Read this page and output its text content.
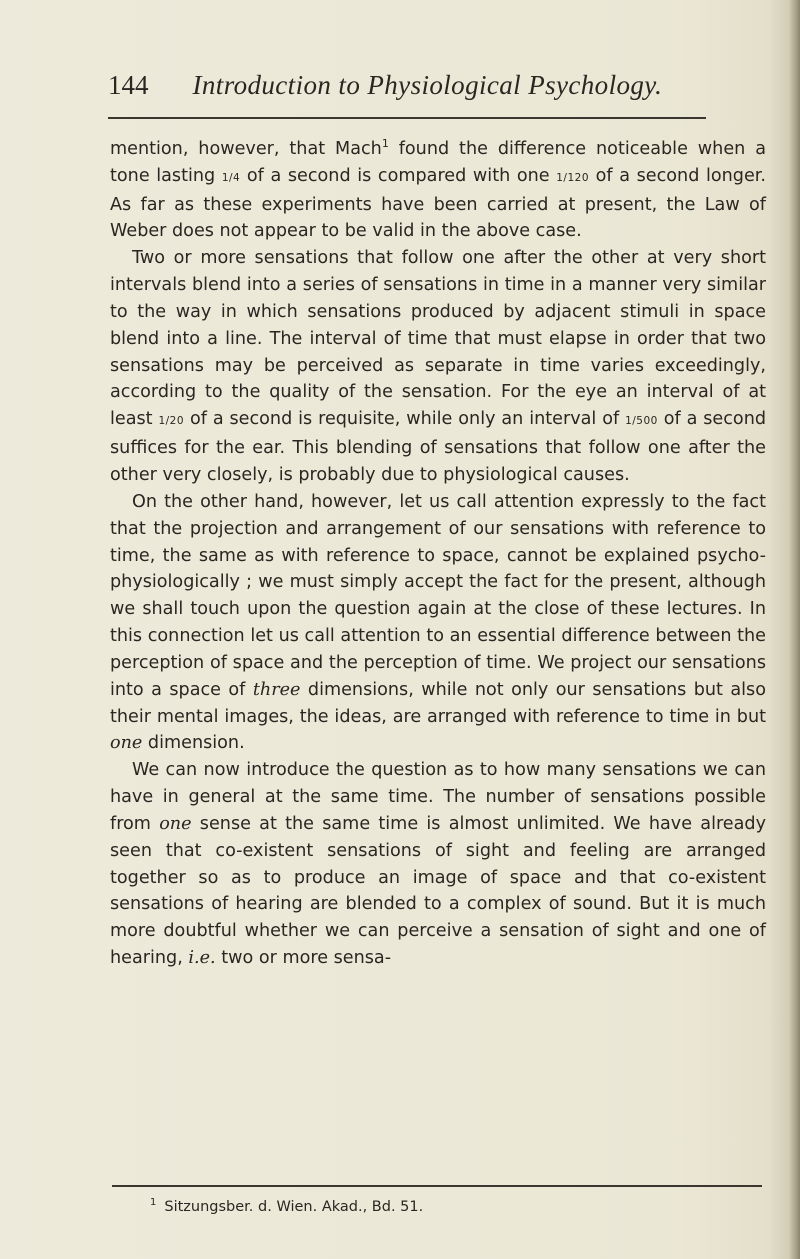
144 Introduction to Physiological Psychology.

mention, however, that Mach$^1$ found the difference noticeable when a tone lasting 1/4 of a second is compared with one 1/120 of a second longer. As far as these experiments have been carried at present, the Law of Weber does not appear to be valid in the above case.

Two or more sensations that follow one after the other at very short intervals blend into a series of sensations in time in a manner very similar to the way in which sensations produced by adjacent stimuli in space blend into a line. The interval of time that must elapse in order that two sensations may be perceived as separate in time varies exceedingly, according to the quality of the sensation. For the eye an interval of at least 1/20 of a second is requisite, while only an interval of 1/500 of a second suffices for the ear. This blending of sensations that follow one after the other very closely, is probably due to physiological causes.

On the other hand, however, let us call attention expressly to the fact that the projection and arrangement of our sensations with reference to time, the same as with reference to space, cannot be explained psycho-physiologically ; we must simply accept the fact for the present, although we shall touch upon the question again at the close of these lectures. In this connection let us call attention to an essential difference between the perception of space and the perception of time. We project our sensations into a space of three dimensions, while not only our sensations but also their mental images, the ideas, are arranged with reference to time in but one dimension.

We can now introduce the question as to how many sensations we can have in general at the same time. The number of sensations possible from one sense at the same time is almost unlimited. We have already seen that co-existent sensations of sight and feeling are arranged together so as to produce an image of space and that co-existent sensations of hearing are blended to a complex of sound. But it is much more doubtful whether we can perceive a sensation of sight and one of hearing, i.e. two or more sensa-

$^1$ Sitzungsber. d. Wien. Akad., Bd. 51.
